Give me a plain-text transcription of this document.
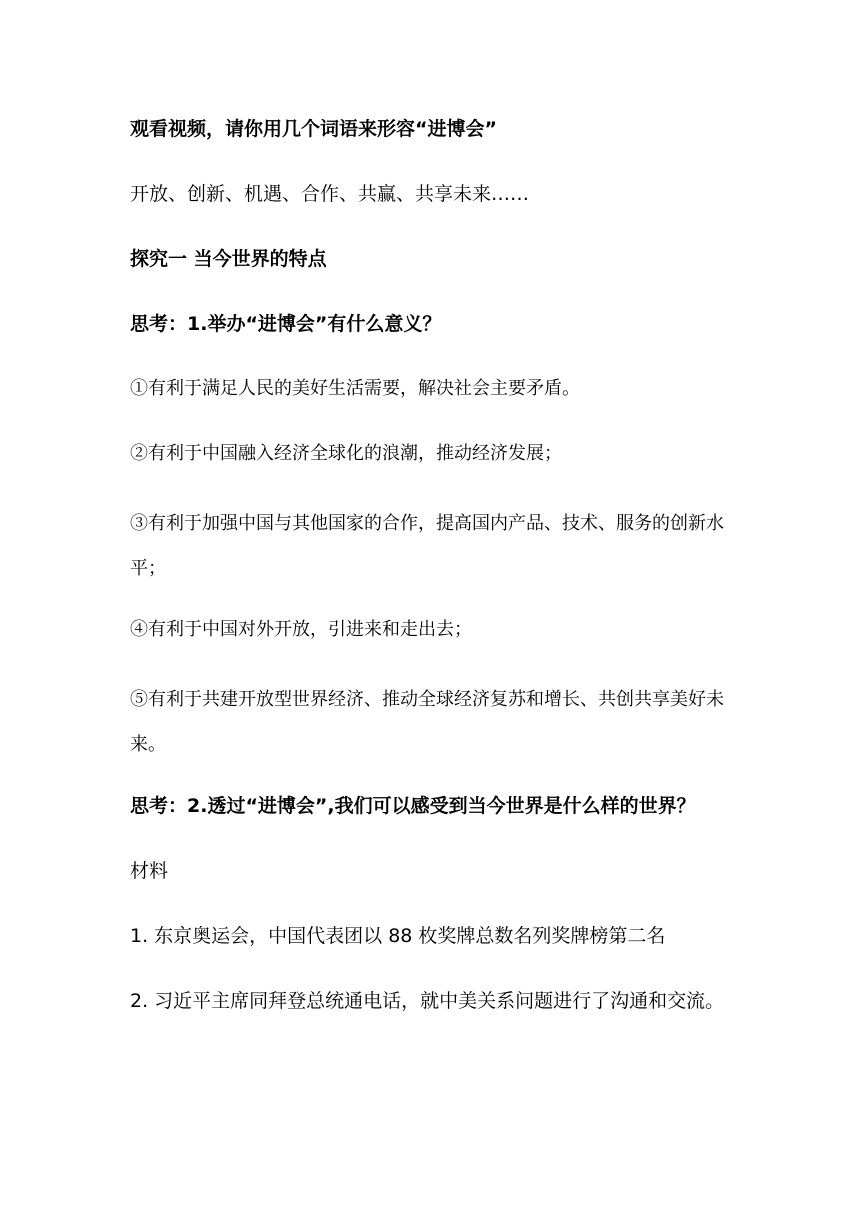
观看视频，请你用几个词语来形容“进博会”
开放、创新、机遇、合作、共赢、共享未来……
探究一 当今世界的特点
思考：1.举办“进博会”有什么意义？
①有利于满足人民的美好生活需要，解决社会主要矛盾。
②有利于中国融入经济全球化的浪潮，推动经济发展；
③有利于加强中国与其他国家的合作，提高国内产品、技术、服务的创新水平；
④有利于中国对外开放，引进来和走出去；
⑤有利于共建开放型世界经济、推动全球经济复苏和增长、共创共享美好未来。
思考：2.透过“进博会”,我们可以感受到当今世界是什么样的世界？
材料
1. 东京奥运会，中国代表团以 88 枚奖牌总数名列奖牌榜第二名
2. 习近平主席同拜登总统通电话，就中美关系问题进行了沟通和交流。
